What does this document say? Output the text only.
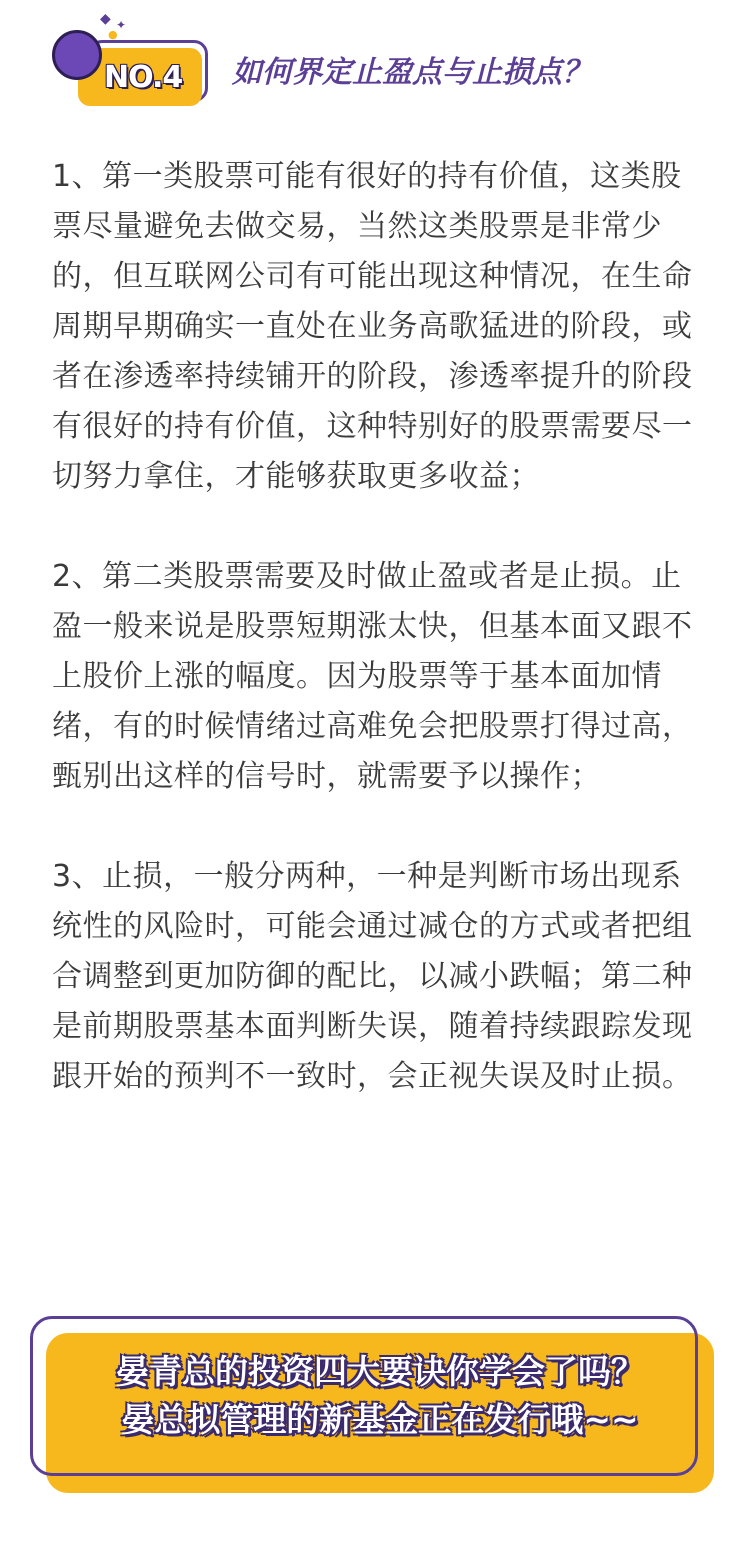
◆ ✦
●
NO.4	如何界定止盈点与止损点？

1、第一类股票可能有很好的持有价值，这类股票尽量避免去做交易，当然这类股票是非常少的，但互联网公司有可能出现这种情况，在生命周期早期确实一直处在业务高歌猛进的阶段，或者在渗透率持续铺开的阶段，渗透率提升的阶段有很好的持有价值，这种特别好的股票需要尽一切努力拿住，才能够获取更多收益；

2、第二类股票需要及时做止盈或者是止损。止盈一般来说是股票短期涨太快，但基本面又跟不上股价上涨的幅度。因为股票等于基本面加情绪，有的时候情绪过高难免会把股票打得过高，甄别出这样的信号时，就需要予以操作；

3、止损，一般分两种，一种是判断市场出现系统性的风险时，可能会通过减仓的方式或者把组合调整到更加防御的配比，以减小跌幅；第二种是前期股票基本面判断失误，随着持续跟踪发现跟开始的预判不一致时，会正视失误及时止损。

晏青总的投资四大要诀你学会了吗？
晏总拟管理的新基金正在发行哦~~
